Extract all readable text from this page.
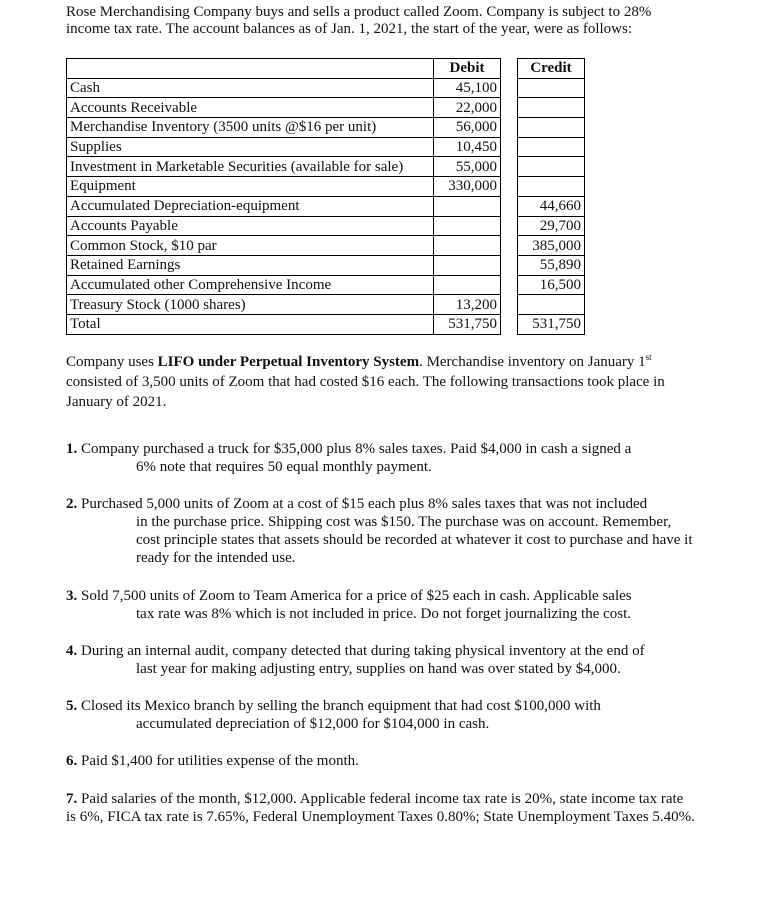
Rose Merchandising Company buys and sells a product called Zoom. Company is subject to 28% income tax rate. The account balances as of Jan. 1, 2021, the start of the year, were as follows:

	Debit		Credit
Cash	45,100		
Accounts Receivable	22,000		
Merchandise Inventory (3500 units @$16 per unit)	56,000		
Supplies	10,450		
Investment in Marketable Securities (available for sale)	55,000		
Equipment	330,000		
Accumulated Depreciation-equipment			44,660
Accounts Payable			29,700
Common Stock, $10 par			385,000
Retained Earnings			55,890
Accumulated other Comprehensive Income			16,500
Treasury Stock (1000 shares)	13,200		
Total	531,750		531,750

Company uses LIFO under Perpetual Inventory System. Merchandise inventory on January 1st consisted of 3,500 units of Zoom that had costed $16 each. The following transactions took place in January of 2021.

1. Company purchased a truck for $35,000 plus 8% sales taxes. Paid $4,000 in cash a signed a
6% note that requires 50 equal monthly payment.
2. Purchased 5,000 units of Zoom at a cost of $15 each plus 8% sales taxes that was not included
in the purchase price. Shipping cost was $150. The purchase was on account. Remember, cost principle states that assets should be recorded at whatever it cost to purchase and have it ready for the intended use.
3. Sold 7,500 units of Zoom to Team America for a price of $25 each in cash. Applicable sales
tax rate was 8% which is not included in price. Do not forget journalizing the cost.
4. During an internal audit, company detected that during taking physical inventory at the end of
last year for making adjusting entry, supplies on hand was over stated by $4,000.
5. Closed its Mexico branch by selling the branch equipment that had cost $100,000 with
accumulated depreciation of $12,000 for $104,000 in cash.
6. Paid $1,400 for utilities expense of the month.
7. Paid salaries of the month, $12,000. Applicable federal income tax rate is 20%, state income tax rate is 6%, FICA tax rate is 7.65%, Federal Unemployment Taxes 0.80%; State Unemployment Taxes 5.40%.
